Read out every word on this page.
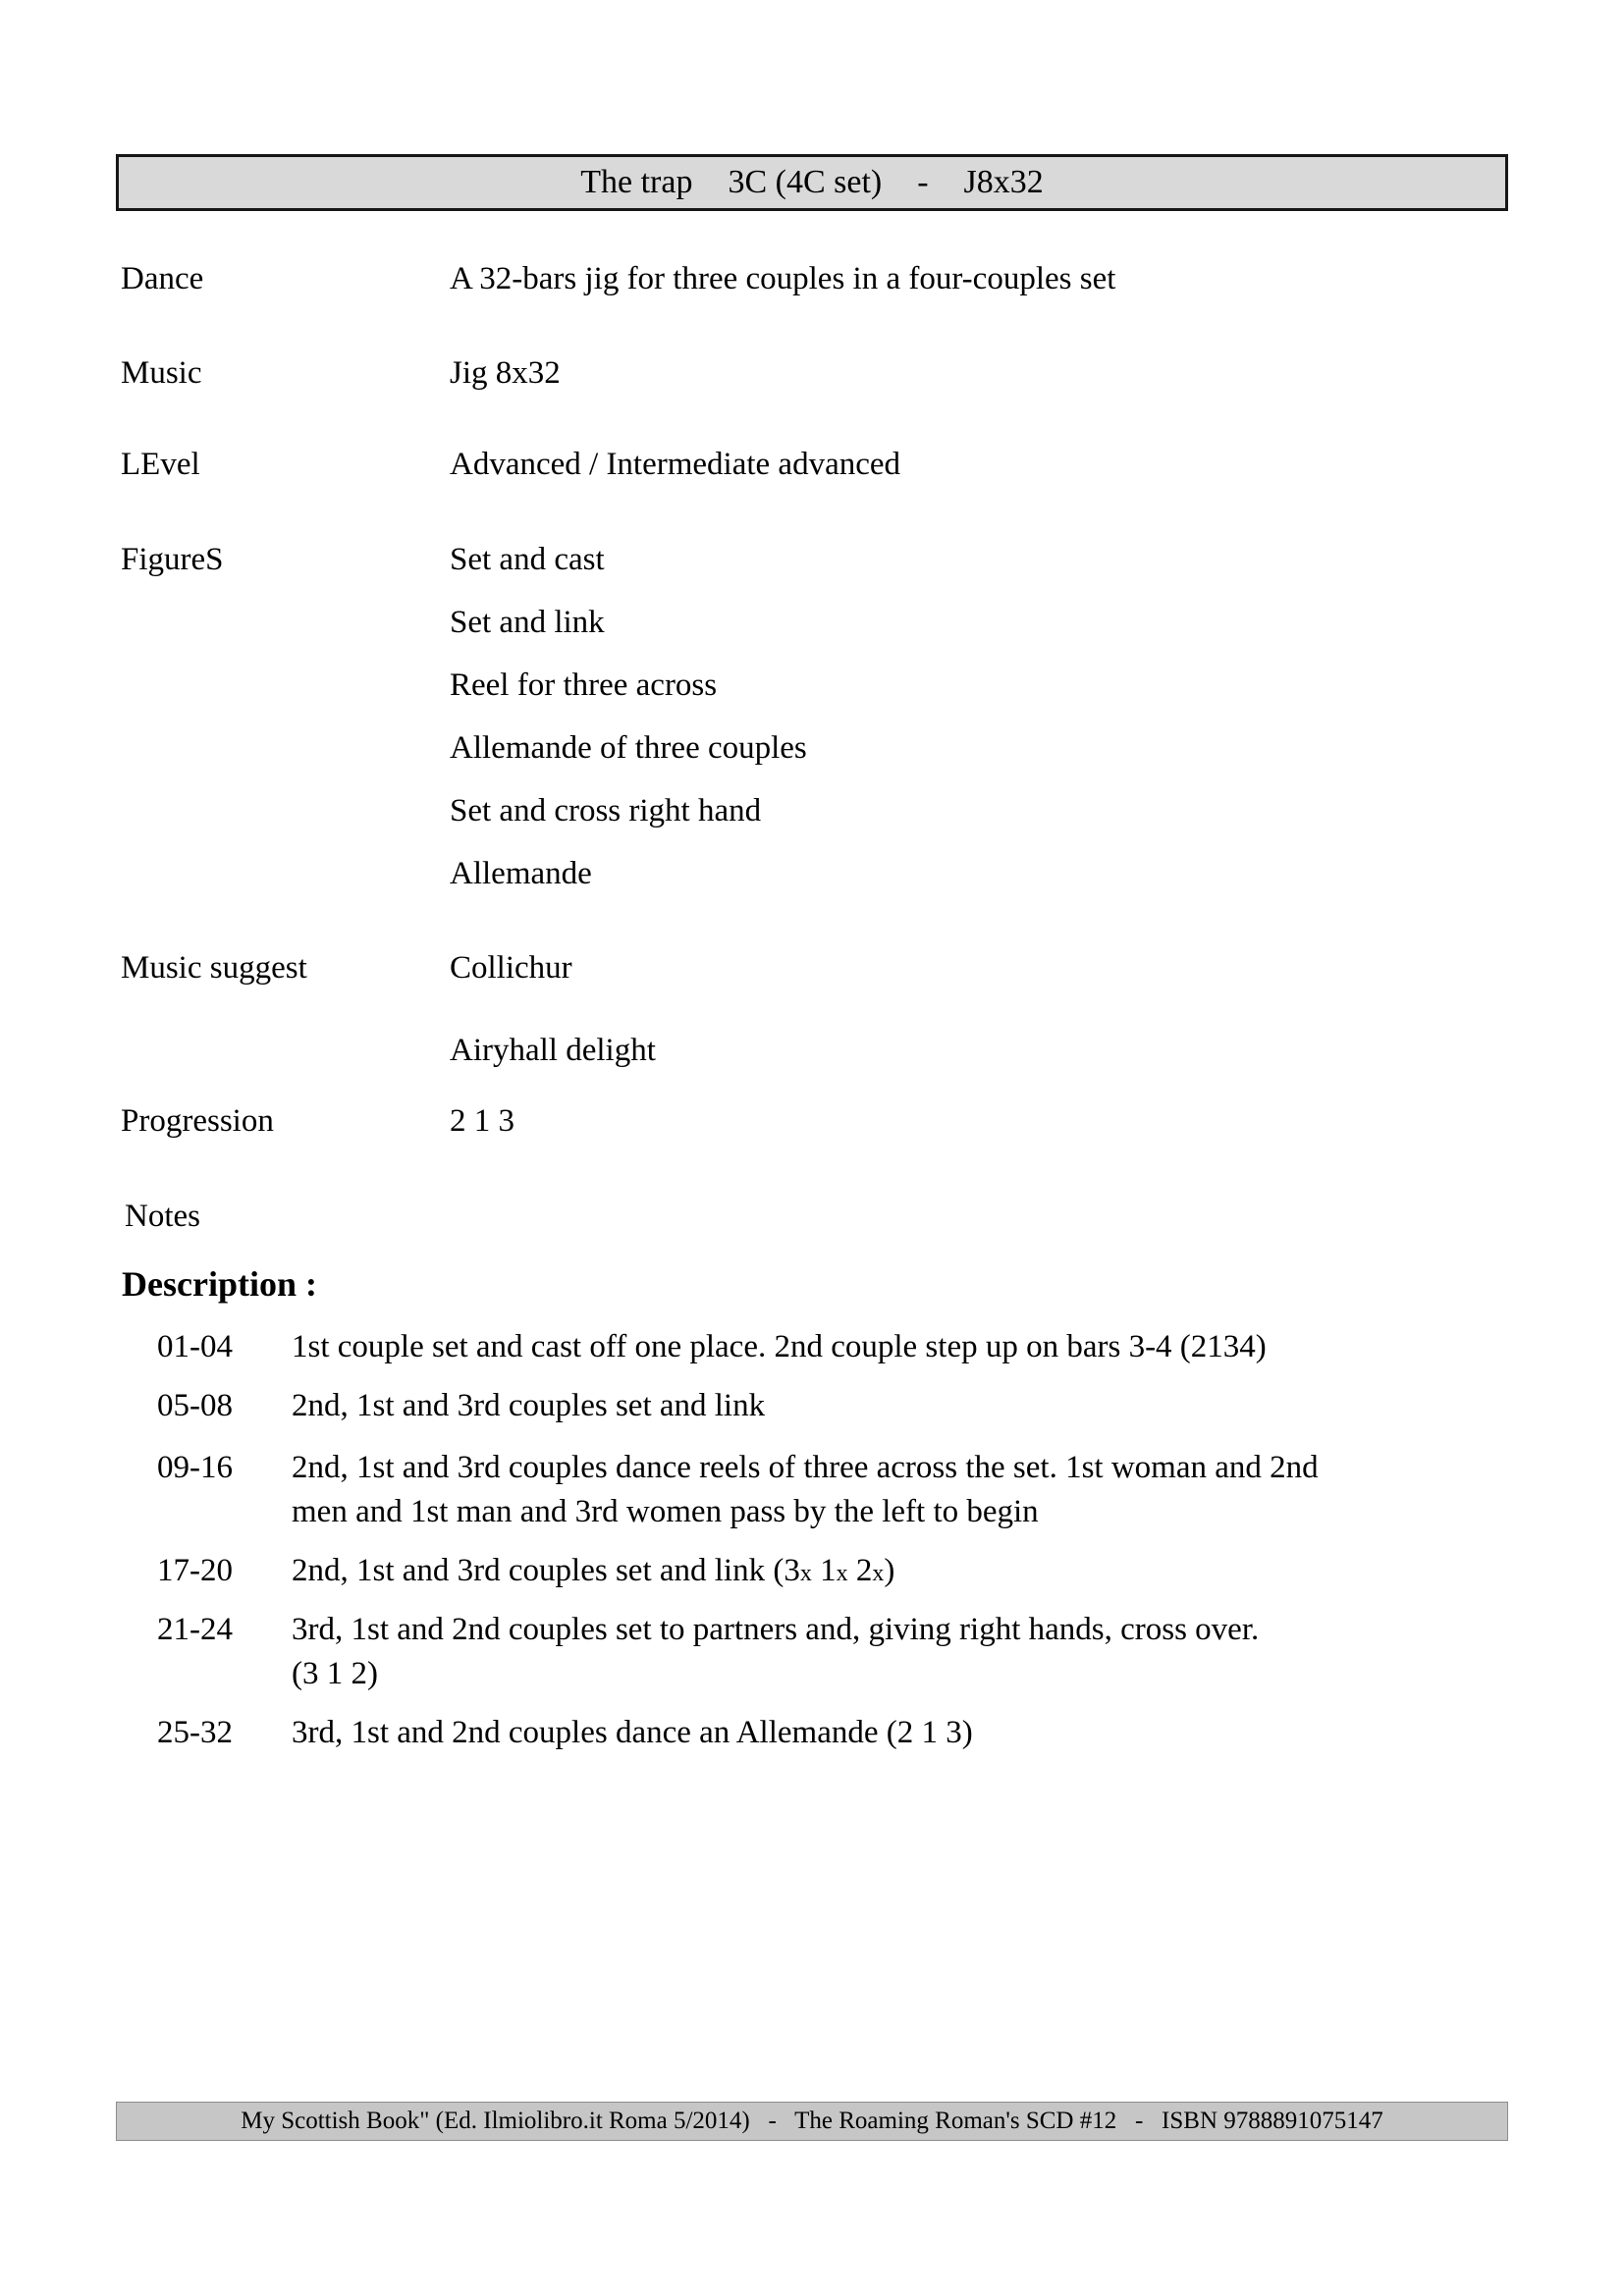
The trap 3C (4C set) - J8x32
Dance	A 32-bars jig for three couples in a four-couples set
Music	Jig 8x32
LEvel	Advanced / Intermediate advanced
FigureS	Set and cast
Set and link
Reel for three across
Allemande of three couples
Set and cross right hand
Allemande
Music suggest	Collichur
Airyhall delight
Progression	2 1 3
Notes
Description :
01-04 1st couple set and cast off one place. 2nd couple step up on bars 3-4 (2134)
05-08 2nd, 1st and 3rd couples set and link
09-16 2nd, 1st and 3rd couples dance reels of three across the set. 1st woman and 2nd
men and 1st man and 3rd women pass by the left to begin
17-20 2nd, 1st and 3rd couples set and link (3x 1x 2x)
21-24 3rd, 1st and 2nd couples set to partners and, giving right hands, cross over.
(3 1 2)
25-32 3rd, 1st and 2nd couples dance an Allemande (2 1 3)
My Scottish Book" (Ed. Ilmiolibro.it Roma 5/2014)   -   The Roaming Roman's SCD #12   -   ISBN 9788891075147
